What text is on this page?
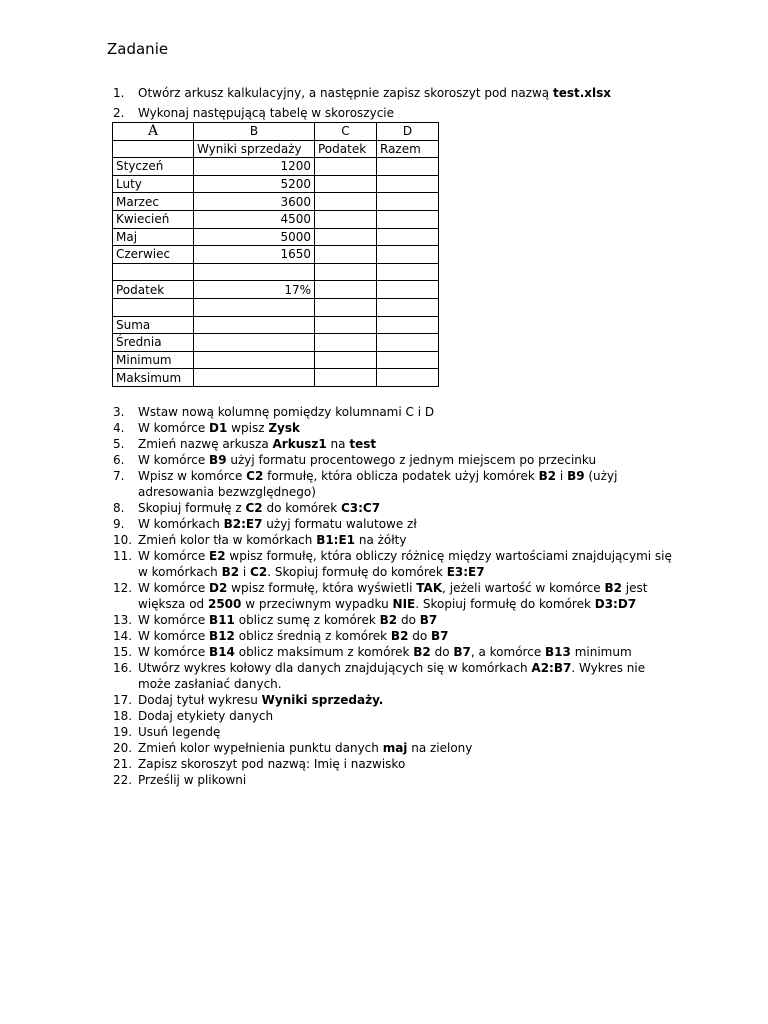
Zadanie
1.	Otwórz arkusz kalkulacyjny, a następnie zapisz skoroszyt pod nazwą test.xlsx
2.	Wykonaj następującą tabelę w skoroszycie
A	B	C	D
	Wyniki sprzedaży	Podatek	Razem
Styczeń	1200		
Luty	5200		
Marzec	3600		
Kwiecień	4500		
Maj	5000		
Czerwiec	1650		

Podatek	17%		

Suma			
Średnia			
Minimum			
Maksimum			
3.	Wstaw nową kolumnę pomiędzy kolumnami C i D
4.	W komórce D1 wpisz Zysk
5.	Zmień nazwę arkusza Arkusz1 na test
6.	W komórce B9 użyj formatu procentowego z jednym miejscem po przecinku
7.	Wpisz w komórce C2 formułę, która oblicza podatek użyj komórek B2 i B9 (użyj adresowania bezwzględnego)
8.	Skopiuj formułę z C2 do komórek C3:C7
9.	W komórkach B2:E7 użyj formatu walutowe zł
10. Zmień kolor tła w komórkach B1:E1 na żółty
11. W komórce E2 wpisz formułę, która obliczy różnicę między wartościami znajdującymi się w komórkach B2 i C2. Skopiuj formułę do komórek E3:E7
12. W komórce D2 wpisz formułę, która wyświetli TAK, jeżeli wartość w komórce B2 jest większa od 2500 w przeciwnym wypadku NIE. Skopiuj formułę do komórek D3:D7
13. W komórce B11 oblicz sumę z komórek B2 do B7
14. W komórce B12 oblicz średnią z komórek B2 do B7
15. W komórce B14 oblicz maksimum z komórek B2 do B7, a komórce B13 minimum
16. Utwórz wykres kołowy dla danych znajdujących się w komórkach A2:B7. Wykres nie może zasłaniać danych.
17. Dodaj tytuł wykresu Wyniki sprzedaży.
18. Dodaj etykiety danych
19. Usuń legendę
20. Zmień kolor wypełnienia punktu danych maj na zielony
21. Zapisz skoroszyt pod nazwą: Imię i nazwisko
22. Prześlij w plikowni
